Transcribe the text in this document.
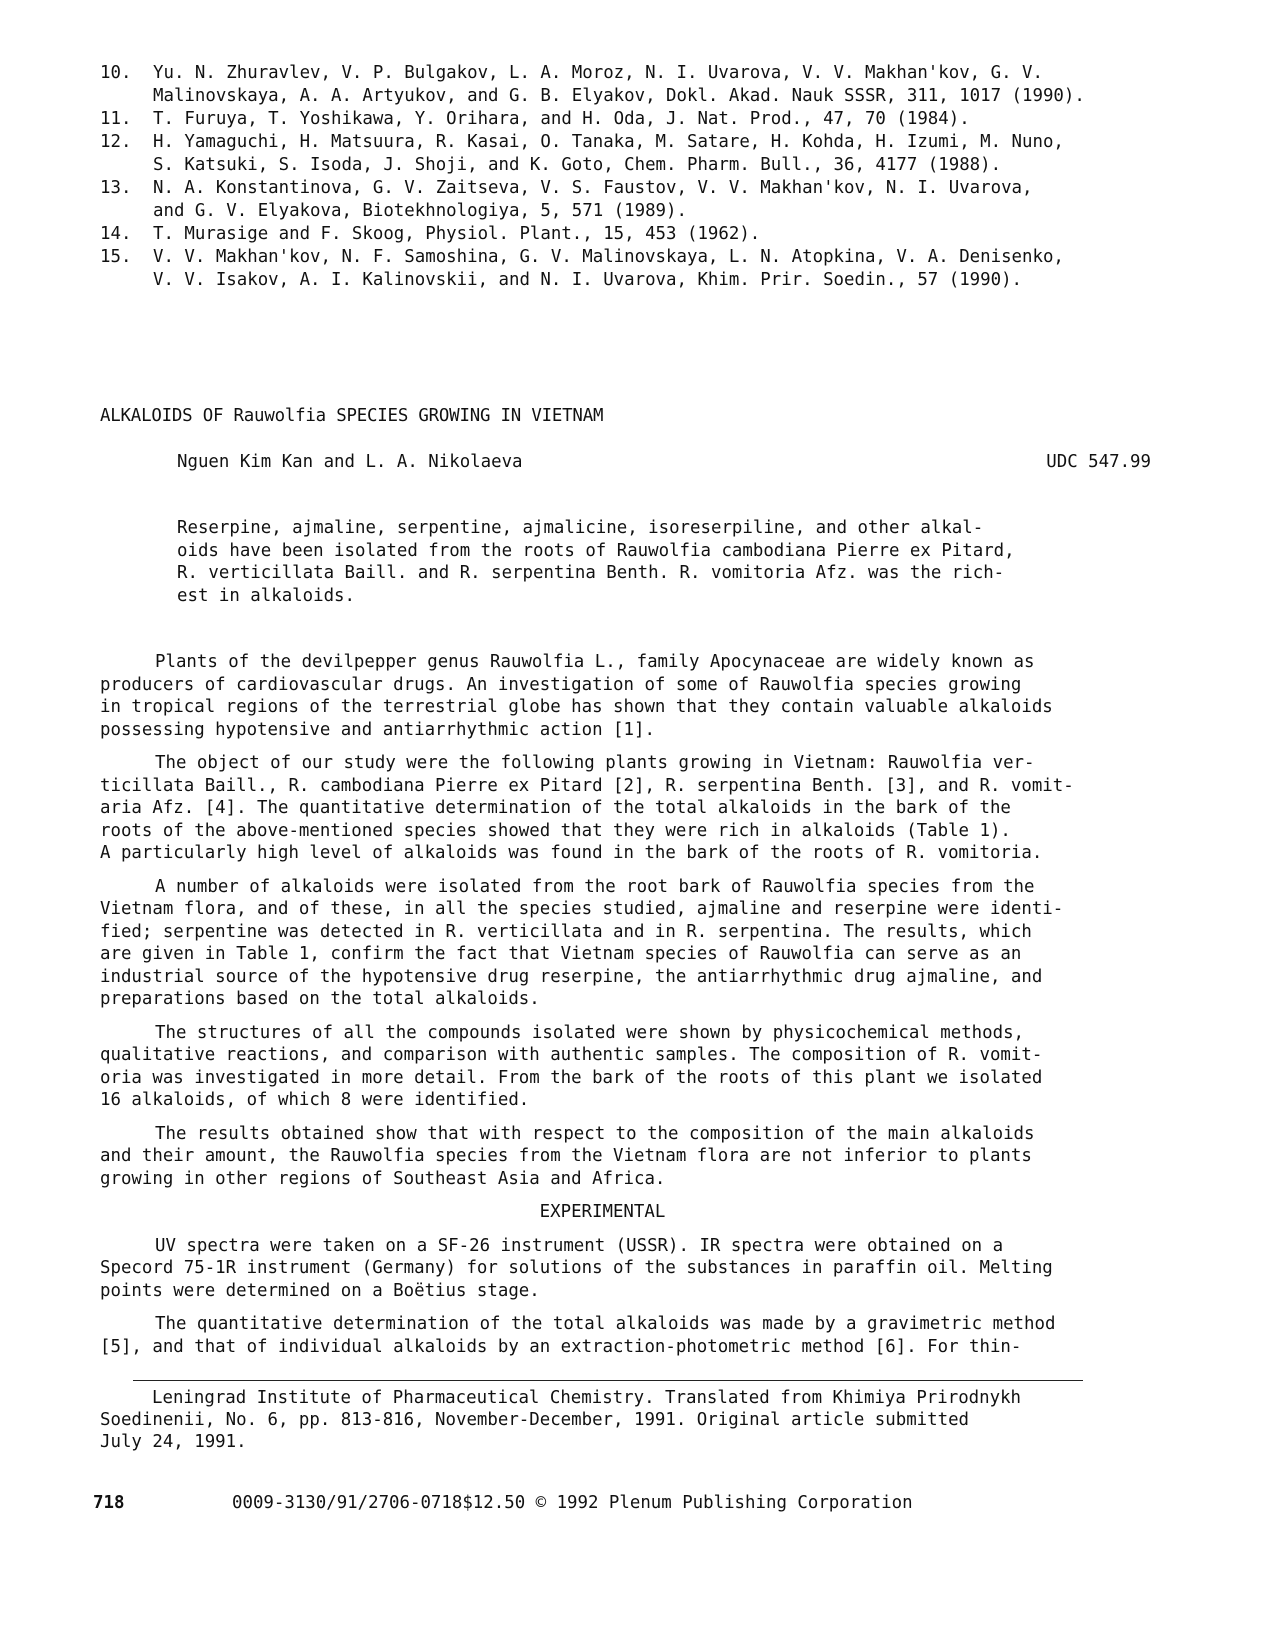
10. Yu. N. Zhuravlev, V. P. Bulgakov, L. A. Moroz, N. I. Uvarova, V. V. Makhan'kov, G. V.
Malinovskaya, A. A. Artyukov, and G. B. Elyakov, Dokl. Akad. Nauk SSSR, 311, 1017 (1990).
11. T. Furuya, T. Yoshikawa, Y. Orihara, and H. Oda, J. Nat. Prod., 47, 70 (1984).
12. H. Yamaguchi, H. Matsuura, R. Kasai, O. Tanaka, M. Satare, H. Kohda, H. Izumi, M. Nuno,
S. Katsuki, S. Isoda, J. Shoji, and K. Goto, Chem. Pharm. Bull., 36, 4177 (1988).
13. N. A. Konstantinova, G. V. Zaitseva, V. S. Faustov, V. V. Makhan'kov, N. I. Uvarova,
and G. V. Elyakova, Biotekhnologiya, 5, 571 (1989).
14. T. Murasige and F. Skoog, Physiol. Plant., 15, 453 (1962).
15. V. V. Makhan'kov, N. F. Samoshina, G. V. Malinovskaya, L. N. Atopkina, V. A. Denisenko,
V. V. Isakov, A. I. Kalinovskii, and N. I. Uvarova, Khim. Prir. Soedin., 57 (1990).
ALKALOIDS OF Rauwolfia SPECIES GROWING IN VIETNAM
Nguen Kim Kan and L. A. Nikolaeva	UDC 547.99
Reserpine, ajmaline, serpentine, ajmalicine, isoreserpiline, and other alkal-
oids have been isolated from the roots of Rauwolfia cambodiana Pierre ex Pitard,
R. verticillata Baill. and R. serpentina Benth. R. vomitoria Afz. was the rich-
est in alkaloids.
Plants of the devilpepper genus Rauwolfia L., family Apocynaceae are widely known as
producers of cardiovascular drugs. An investigation of some of Rauwolfia species growing
in tropical regions of the terrestrial globe has shown that they contain valuable alkaloids
possessing hypotensive and antiarrhythmic action [1].
The object of our study were the following plants growing in Vietnam: Rauwolfia ver-
ticillata Baill., R. cambodiana Pierre ex Pitard [2], R. serpentina Benth. [3], and R. vomit-
aria Afz. [4]. The quantitative determination of the total alkaloids in the bark of the
roots of the above-mentioned species showed that they were rich in alkaloids (Table 1).
A particularly high level of alkaloids was found in the bark of the roots of R. vomitoria.
A number of alkaloids were isolated from the root bark of Rauwolfia species from the
Vietnam flora, and of these, in all the species studied, ajmaline and reserpine were identi-
fied; serpentine was detected in R. verticillata and in R. serpentina. The results, which
are given in Table 1, confirm the fact that Vietnam species of Rauwolfia can serve as an
industrial source of the hypotensive drug reserpine, the antiarrhythmic drug ajmaline, and
preparations based on the total alkaloids.
The structures of all the compounds isolated were shown by physicochemical methods,
qualitative reactions, and comparison with authentic samples. The composition of R. vomit-
oria was investigated in more detail. From the bark of the roots of this plant we isolated
16 alkaloids, of which 8 were identified.
The results obtained show that with respect to the composition of the main alkaloids
and their amount, the Rauwolfia species from the Vietnam flora are not inferior to plants
growing in other regions of Southeast Asia and Africa.
EXPERIMENTAL
UV spectra were taken on a SF-26 instrument (USSR). IR spectra were obtained on a
Specord 75-1R instrument (Germany) for solutions of the substances in paraffin oil. Melting
points were determined on a Boëtius stage.
The quantitative determination of the total alkaloids was made by a gravimetric method
[5], and that of individual alkaloids by an extraction-photometric method [6]. For thin-
Leningrad Institute of Pharmaceutical Chemistry. Translated from Khimiya Prirodnykh
Soedinenii, No. 6, pp. 813-816, November-December, 1991. Original article submitted
July 24, 1991.
718	0009-3130/91/2706-0718$12.50 © 1992 Plenum Publishing Corporation
